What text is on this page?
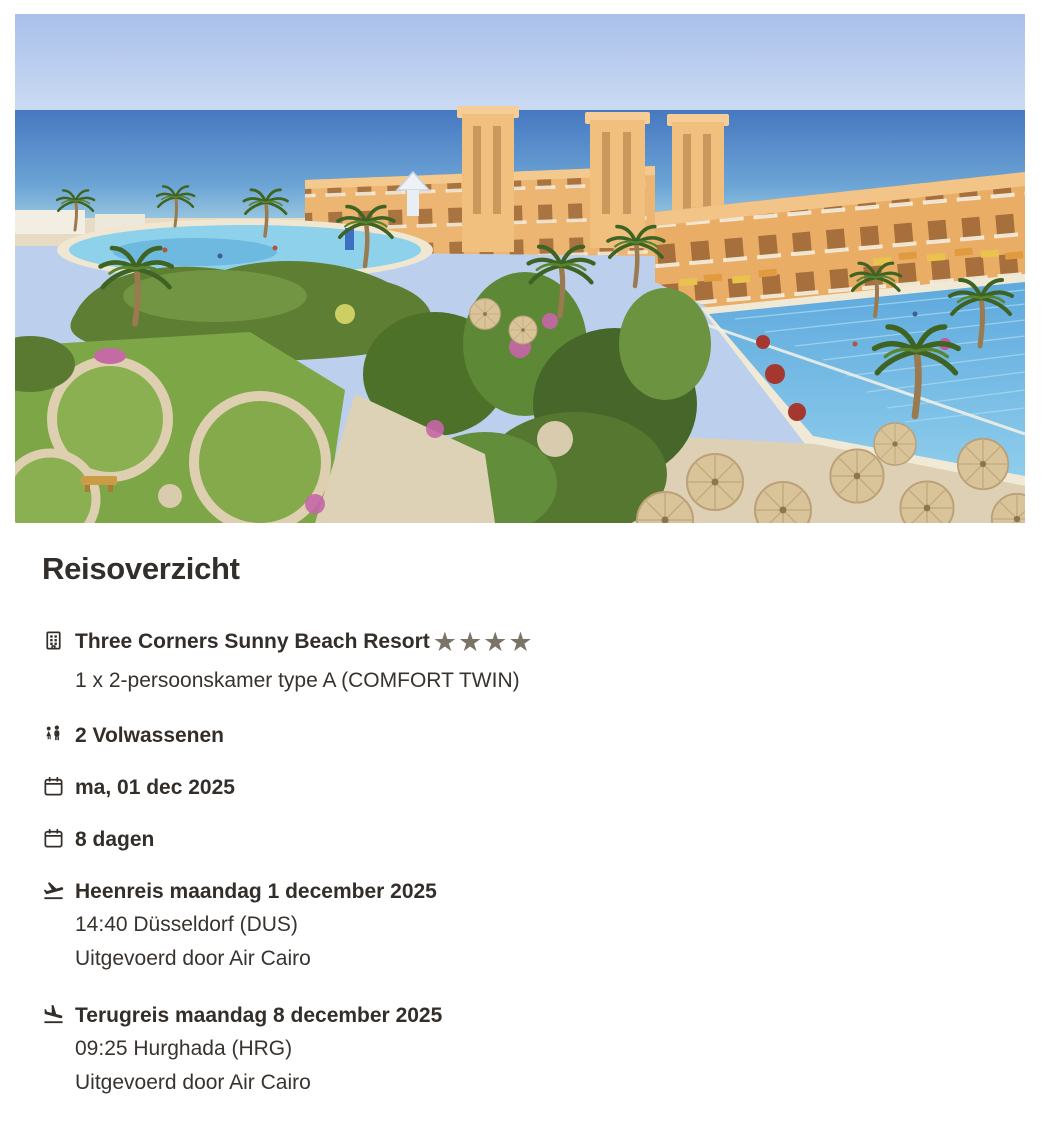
Reisoverzicht
Three Corners Sunny Beach Resort ★★★★
1 x 2-persoonskamer type A (COMFORT TWIN)
2 Volwassenen
ma, 01 dec 2025
8 dagen
Heenreis maandag 1 december 2025
14:40 Düsseldorf (DUS)
Uitgevoerd door Air Cairo
Terugreis maandag 8 december 2025
09:25 Hurghada (HRG)
Uitgevoerd door Air Cairo
